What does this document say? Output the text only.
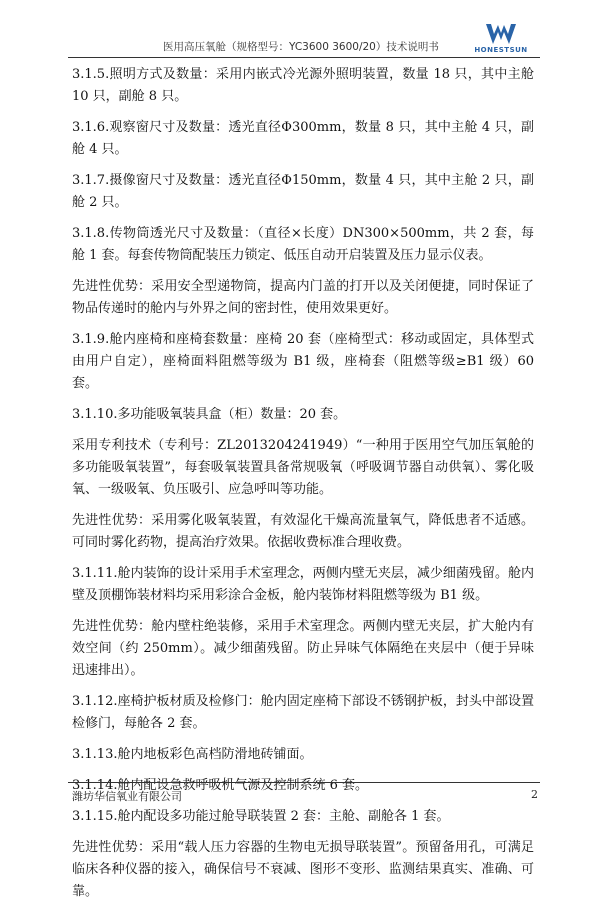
医用高压氧舱（规格型号：YC3600 3600/20）技术说明书	HONESTSUN

3.1.5.照明方式及数量：采用内嵌式冷光源外照明装置，数量 18 只，其中主舱 10 只，副舱 8 只。

3.1.6.观察窗尺寸及数量：透光直径Φ300mm，数量 8 只，其中主舱 4 只，副舱 4 只。

3.1.7.摄像窗尺寸及数量：透光直径Φ150mm，数量 4 只，其中主舱 2 只，副舱 2 只。

3.1.8.传物筒透光尺寸及数量：（直径×长度）DN300×500mm，共 2 套，每舱 1 套。每套传物筒配装压力锁定、低压自动开启装置及压力显示仪表。

先进性优势：采用安全型递物筒，提高内门盖的打开以及关闭便捷，同时保证了物品传递时的舱内与外界之间的密封性，使用效果更好。

3.1.9.舱内座椅和座椅套数量：座椅 20 套（座椅型式：移动或固定，具体型式由用户自定），座椅面料阻燃等级为 B1 级，座椅套（阻燃等级≥B1 级）60 套。

3.1.10.多功能吸氧装具盒（柜）数量：20 套。

采用专利技术（专利号：ZL2013204241949）“一种用于医用空气加压氧舱的多功能吸氧装置”，每套吸氧装置具备常规吸氧（呼吸调节器自动供氧）、雾化吸氧、一级吸氧、负压吸引、应急呼叫等功能。

先进性优势：采用雾化吸氧装置，有效湿化干燥高流量氧气，降低患者不适感。可同时雾化药物，提高治疗效果。依据收费标准合理收费。

3.1.11.舱内装饰的设计采用手术室理念，两侧内壁无夹层，减少细菌残留。舱内壁及顶棚饰装材料均采用彩涂合金板，舱内装饰材料阻燃等级为 B1 级。

先进性优势：舱内壁柱绝装修，采用手术室理念。两侧内壁无夹层，扩大舱内有效空间（约 250mm）。减少细菌残留。防止异味气体隔绝在夹层中（便于异味迅速排出）。

3.1.12.座椅护板材质及检修门：舱内固定座椅下部设不锈钢护板，封头中部设置检修门，每舱各 2 套。

3.1.13.舱内地板彩色高档防滑地砖铺面。

3.1.14.舱内配设急救呼吸机气源及控制系统 6 套。

3.1.15.舱内配设多功能过舱导联装置 2 套：主舱、副舱各 1 套。

先进性优势：采用“载人压力容器的生物电无损导联装置”。预留备用孔，可满足临床各种仪器的接入，确保信号不衰减、图形不变形、监测结果真实、准确、可靠。

潍坊华信氧业有限公司	2
